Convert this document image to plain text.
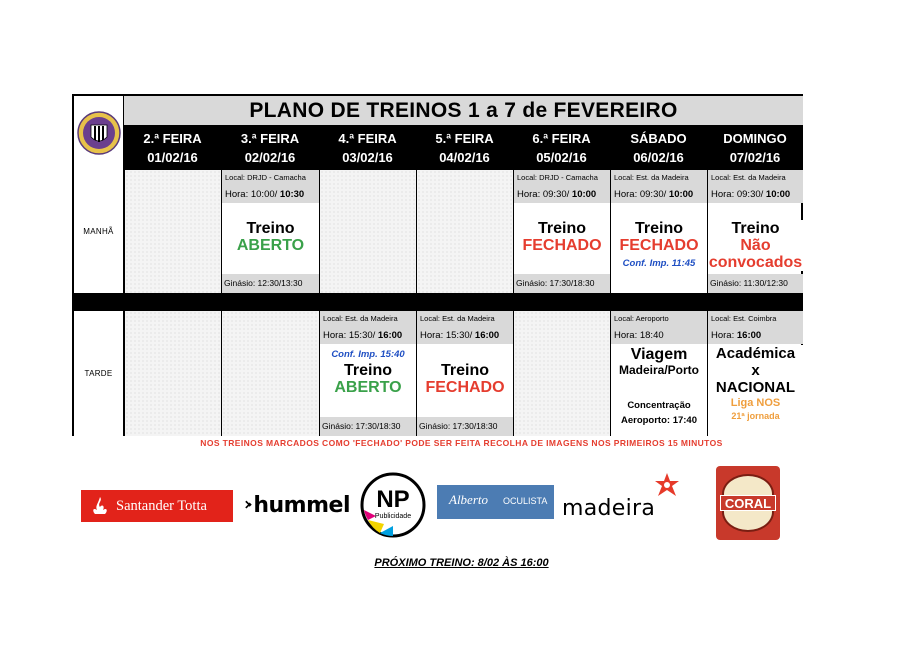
PLANO DE TREINOS 1 a 7 de FEVEREIRO
2.ª FEIRA
01/02/16
3.ª FEIRA
02/02/16
4.ª FEIRA
03/02/16
5.ª FEIRA
04/02/16
6.ª FEIRA
05/02/16
SÁBADO
06/02/16
DOMINGO
07/02/16
MANHÃ
Local: DRJD - Camacha
Hora: 10:00/ 10:30
Treino
ABERTO
Ginásio: 12:30/13:30
Local: DRJD - Camacha
Hora: 09:30/ 10:00
Treino
FECHADO
Ginásio: 17:30/18:30
Local: Est. da Madeira
Hora: 09:30/ 10:00
Treino
FECHADO
Conf. Imp. 11:45
Local: Est. da Madeira
Hora: 09:30/ 10:00
Treino
Não
convocados
Ginásio: 11:30/12:30
TARDE
Local: Est. da Madeira
Hora: 15:30/ 16:00
Conf. Imp. 15:40
Treino
ABERTO
Ginásio: 17:30/18:30
Local: Est. da Madeira
Hora: 15:30/ 16:00
Treino
FECHADO
Ginásio: 17:30/18:30
Local: Aeroporto
Hora: 18:40
Viagem
Madeira/Porto
Concentração
Aeroporto: 17:40
Local: Est. Coimbra
Hora: 16:00
Académica
x
NACIONAL
Liga NOS
21ª jornada
NOS TREINOS MARCADOS COMO 'FECHADO' PODE SER FEITA RECOLHA DE IMAGENS NOS PRIMEIROS 15 MINUTOS
Santander Totta hummel	NP
Publicidade
Alberto OCULISTA madeira	CORAL
PRÓXIMO TREINO: 8/02 ÀS 16:00
